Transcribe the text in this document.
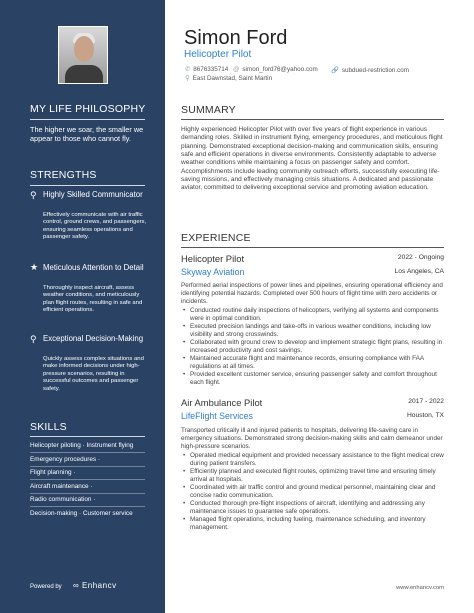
MY LIFE PHILOSOPHY
The higher we soar, the smaller we appear to those who cannot fly.
STRENGTHS
⚲ Highly Skilled Communicator
Effectively communicate with air traffic control, ground crews, and passengers, ensuring seamless operations and passenger safety.
★ Meticulous Attention to Detail
Thoroughly inspect aircraft, assess weather conditions, and meticulously plan flight routes, resulting in safe and efficient operations.
⚲ Exceptional Decision-Making
Quickly assess complex situations and make informed decisions under high-pressure scenarios, resulting in successful outcomes and passenger safety.
SKILLS
Helicopter piloting · Instrument flying
Emergency procedures ·
Flight planning ·
Aircraft maintenance ·
Radio communication ·
Decision-making · Customer service
Powered by ∞ Enhancv
Simon Ford
Helicopter Pilot
✆ 8676335714 @ simon_ford76@yahoo.com 🔗 subdued-restriction.com
⚲ East Dawnstad, Saint Martin
SUMMARY
Highly experienced Helicopter Pilot with over five years of flight experience in various demanding roles. Skilled in instrument flying, emergency procedures, and meticulous flight planning. Demonstrated exceptional decision-making and communication skills, ensuring safe and efficient operations in diverse environments. Consistently adaptable to adverse weather conditions while maintaining a focus on passenger safety and comfort. Accomplishments include leading community outreach efforts, successfully executing life-saving missions, and effectively managing crisis situations. A dedicated and passionate aviator, committed to delivering exceptional service and promoting aviation education.
EXPERIENCE
Helicopter Pilot	2022 - Ongoing
Skyway Aviation	Los Angeles, CA
Performed aerial inspections of power lines and pipelines, ensuring operational efficiency and identifying potential hazards. Completed over 500 hours of flight time with zero accidents or incidents.
• Conducted routine daily inspections of helicopters, verifying all systems and components were in optimal condition.
• Executed precision landings and take-offs in various weather conditions, including low visibility and strong crosswinds.
• Collaborated with ground crew to develop and implement strategic flight plans, resulting in increased productivity and cost savings.
• Maintained accurate flight and maintenance records, ensuring compliance with FAA regulations at all times.
• Provided excellent customer service, ensuring passenger safety and comfort throughout each flight.
Air Ambulance Pilot	2017 - 2022
LifeFlight Services	Houston, TX
Transported critically ill and injured patients to hospitals, delivering life-saving care in emergency situations. Demonstrated strong decision-making skills and calm demeanor under high-pressure scenarios.
• Operated medical equipment and provided necessary assistance to the flight medical crew during patient transfers.
• Efficiently planned and executed flight routes, optimizing travel time and ensuring timely arrival at hospitals.
• Coordinated with air traffic control and ground medical personnel, maintaining clear and concise radio communication.
• Conducted thorough pre-flight inspections of aircraft, identifying and addressing any maintenance issues to guarantee safe operations.
• Managed flight operations, including fueling, maintenance scheduling, and inventory management.
www.enhancv.com
